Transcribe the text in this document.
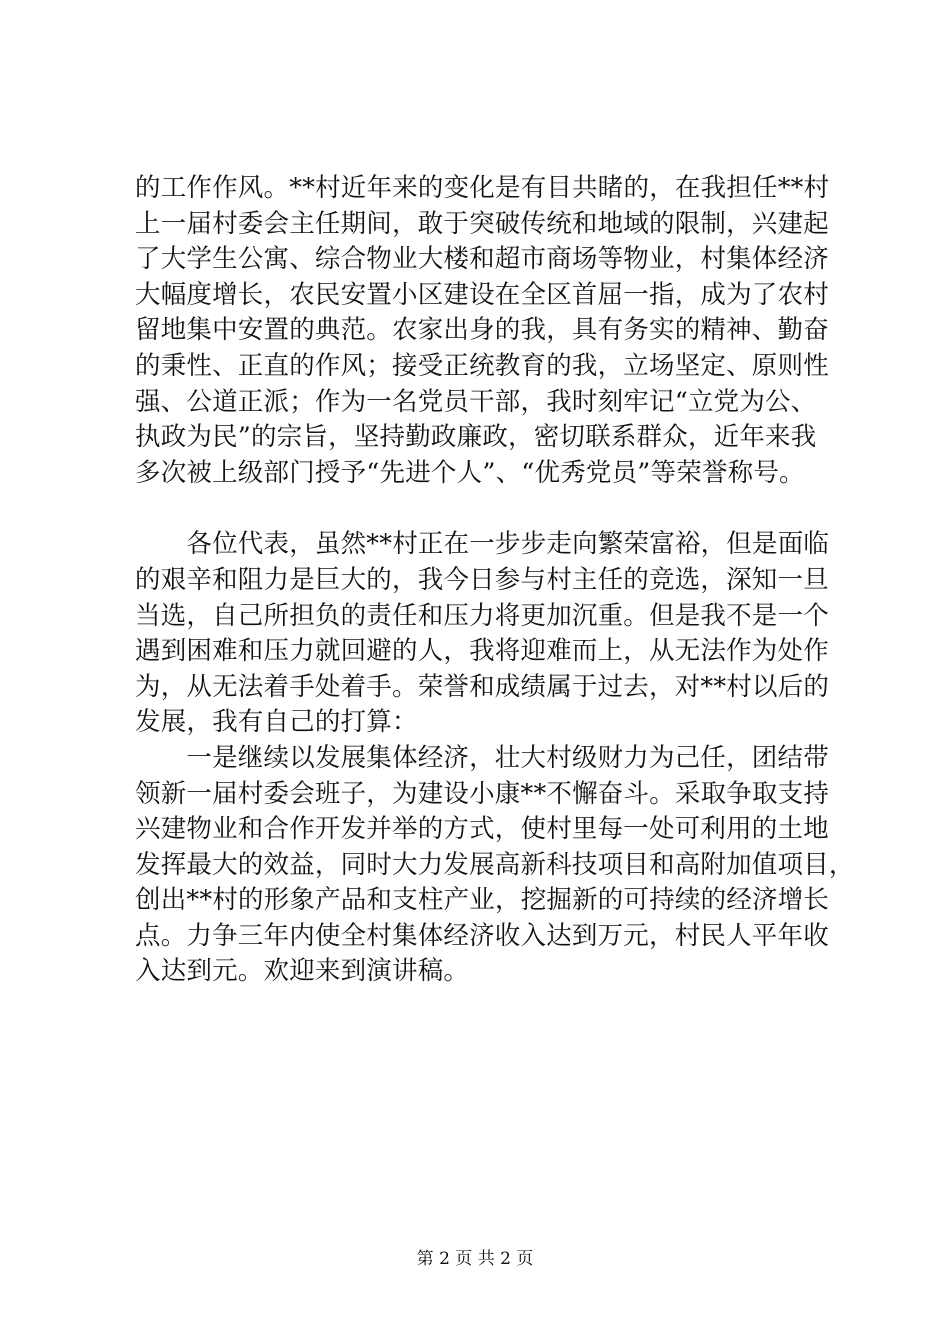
的工作作风。**村近年来的变化是有目共睹的，在我担任**村
上一届村委会主任期间，敢于突破传统和地域的限制，兴建起
了大学生公寓、综合物业大楼和超市商场等物业，村集体经济
大幅度增长，农民安置小区建设在全区首屈一指，成为了农村
留地集中安置的典范。农家出身的我，具有务实的精神、勤奋
的秉性、正直的作风；接受正统教育的我，立场坚定、原则性
强、公道正派；作为一名党员干部，我时刻牢记“立党为公、
执政为民”的宗旨，坚持勤政廉政，密切联系群众，近年来我
多次被上级部门授予“先进个人”、“优秀党员”等荣誉称号。
　　各位代表，虽然**村正在一步步走向繁荣富裕，但是面临
的艰辛和阻力是巨大的，我今日参与村主任的竞选，深知一旦
当选，自己所担负的责任和压力将更加沉重。但是我不是一个
遇到困难和压力就回避的人，我将迎难而上，从无法作为处作
为，从无法着手处着手。荣誉和成绩属于过去，对**村以后的
发展，我有自己的打算：
　　一是继续以发展集体经济，壮大村级财力为己任，团结带
领新一届村委会班子，为建设小康**不懈奋斗。采取争取支持
兴建物业和合作开发并举的方式，使村里每一处可利用的土地
发挥最大的效益，同时大力发展高新科技项目和高附加值项目，
创出**村的形象产品和支柱产业，挖掘新的可持续的经济增长
点。力争三年内使全村集体经济收入达到万元，村民人平年收
入达到元。欢迎来到演讲稿。
第 2 页 共 2 页
